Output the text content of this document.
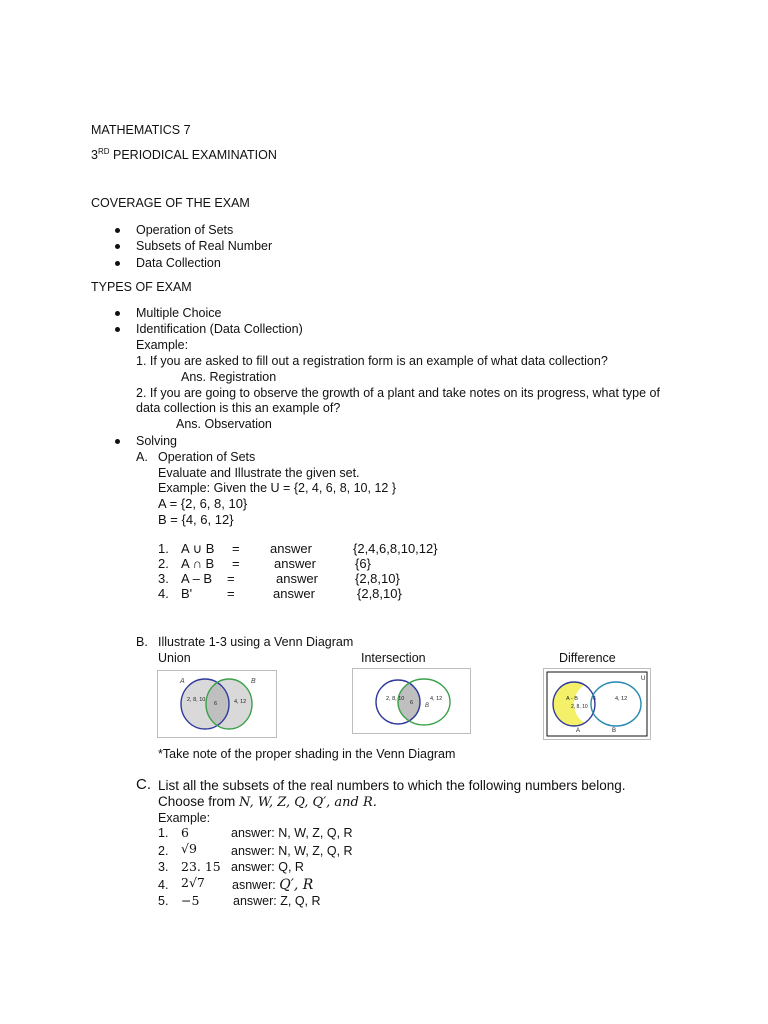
MATHEMATICS 7
3RD PERIODICAL EXAMINATION
COVERAGE OF THE EXAM
Operation of Sets
Subsets of Real Number
Data Collection
TYPES OF EXAM
Multiple Choice
Identification (Data Collection)
Example:
1. If you are asked to fill out a registration form is an example of what data collection?
Ans. Registration
2. If you are going to observe the growth of a plant and take notes on its progress, what type of
data collection is this an example of?
Ans. Observation
Solving
A. Operation of Sets
Evaluate and Illustrate the given set.
Example: Given the U = {2, 4, 6, 8, 10, 12 }
A = {2, 6, 8, 10}
B = {4, 6, 12}
1. A ∪ B = answer	{2,4,6,8,10,12}
2. A ∩ B =	answer	{6}
3. A – B =	answer	{2,8,10}
4. B'	=	answer	{2,8,10}
B. Illustrate 1-3 using a Venn Diagram
Union	Intersection	Difference
A	B
2, 8, 10
6	4, 12	2, 8, 10
6 B
4, 12
U
A - B
2, 8, 10
6	4, 12
A	B
*Take note of the proper shading in the Venn Diagram
C. List all the subsets of the real numbers to which the following numbers belong.
Choose from N, W, Z, Q, Q′, and R.
Example:
1. 6	answer: N, W, Z, Q, R
2. √9	answer: N, W, Z, Q, R
3. 23. 15 answer: Q, R
4. 2√7 asnwer: Q′, R
5. −5	answer: Z, Q, R
